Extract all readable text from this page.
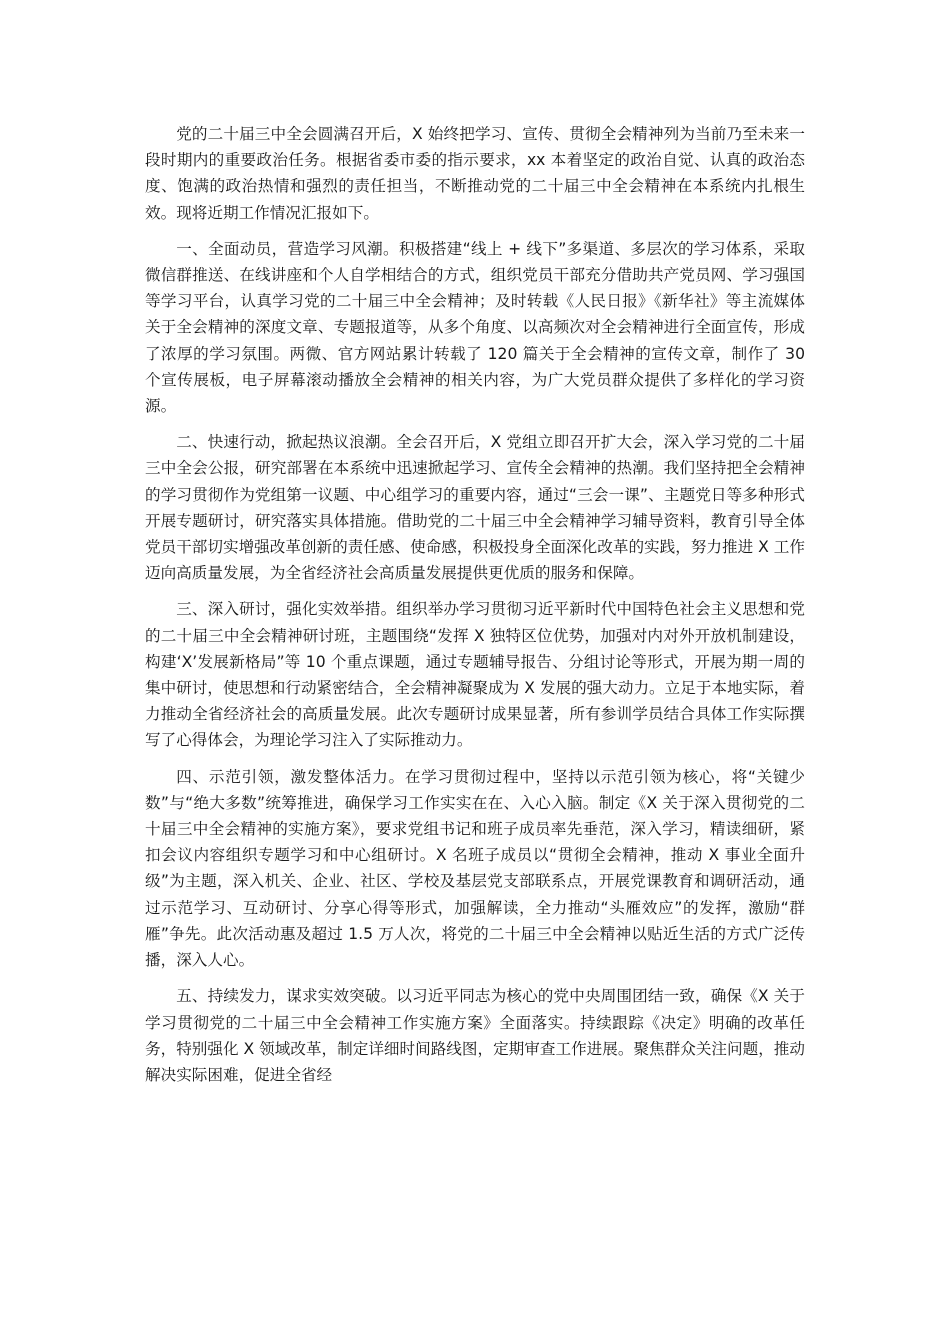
党的二十届三中全会圆满召开后，X 始终把学习、宣传、贯彻全会精神列为当前乃至未来一段时期内的重要政治任务。根据省委市委的指示要求，xx 本着坚定的政治自觉、认真的政治态度、饱满的政治热情和强烈的责任担当，不断推动党的二十届三中全会精神在本系统内扎根生效。现将近期工作情况汇报如下。

一、全面动员，营造学习风潮。积极搭建“线上 + 线下”多渠道、多层次的学习体系，采取微信群推送、在线讲座和个人自学相结合的方式，组织党员干部充分借助共产党员网、学习强国等学习平台，认真学习党的二十届三中全会精神；及时转载《人民日报》《新华社》等主流媒体关于全会精神的深度文章、专题报道等，从多个角度、以高频次对全会精神进行全面宣传，形成了浓厚的学习氛围。两微、官方网站累计转载了 120 篇关于全会精神的宣传文章，制作了 30 个宣传展板，电子屏幕滚动播放全会精神的相关内容，为广大党员群众提供了多样化的学习资源。

二、快速行动，掀起热议浪潮。全会召开后，X 党组立即召开扩大会，深入学习党的二十届三中全会公报，研究部署在本系统中迅速掀起学习、宣传全会精神的热潮。我们坚持把全会精神的学习贯彻作为党组第一议题、中心组学习的重要内容，通过“三会一课”、主题党日等多种形式开展专题研讨，研究落实具体措施。借助党的二十届三中全会精神学习辅导资料，教育引导全体党员干部切实增强改革创新的责任感、使命感，积极投身全面深化改革的实践，努力推进 X 工作迈向高质量发展，为全省经济社会高质量发展提供更优质的服务和保障。

三、深入研讨，强化实效举措。组织举办学习贯彻习近平新时代中国特色社会主义思想和党的二十届三中全会精神研讨班，主题围绕“发挥 X 独特区位优势，加强对内对外开放机制建设，构建‘X’发展新格局”等 10 个重点课题，通过专题辅导报告、分组讨论等形式，开展为期一周的集中研讨，使思想和行动紧密结合，全会精神凝聚成为 X 发展的强大动力。立足于本地实际，着力推动全省经济社会的高质量发展。此次专题研讨成果显著，所有参训学员结合具体工作实际撰写了心得体会，为理论学习注入了实际推动力。

四、示范引领，激发整体活力。在学习贯彻过程中，坚持以示范引领为核心，将“关键少数”与“绝大多数”统筹推进，确保学习工作实实在在、入心入脑。制定《X 关于深入贯彻党的二十届三中全会精神的实施方案》，要求党组书记和班子成员率先垂范，深入学习，精读细研，紧扣会议内容组织专题学习和中心组研讨。X 名班子成员以“贯彻全会精神，推动 X 事业全面升级”为主题，深入机关、企业、社区、学校及基层党支部联系点，开展党课教育和调研活动，通过示范学习、互动研讨、分享心得等形式，加强解读，全力推动“头雁效应”的发挥，激励“群雁”争先。此次活动惠及超过 1.5 万人次，将党的二十届三中全会精神以贴近生活的方式广泛传播，深入人心。

五、持续发力，谋求实效突破。以习近平同志为核心的党中央周围团结一致，确保《X 关于学习贯彻党的二十届三中全会精神工作实施方案》全面落实。持续跟踪《决定》明确的改革任务，特别强化 X 领域改革，制定详细时间路线图，定期审查工作进展。聚焦群众关注问题，推动解决实际困难，促进全省经
